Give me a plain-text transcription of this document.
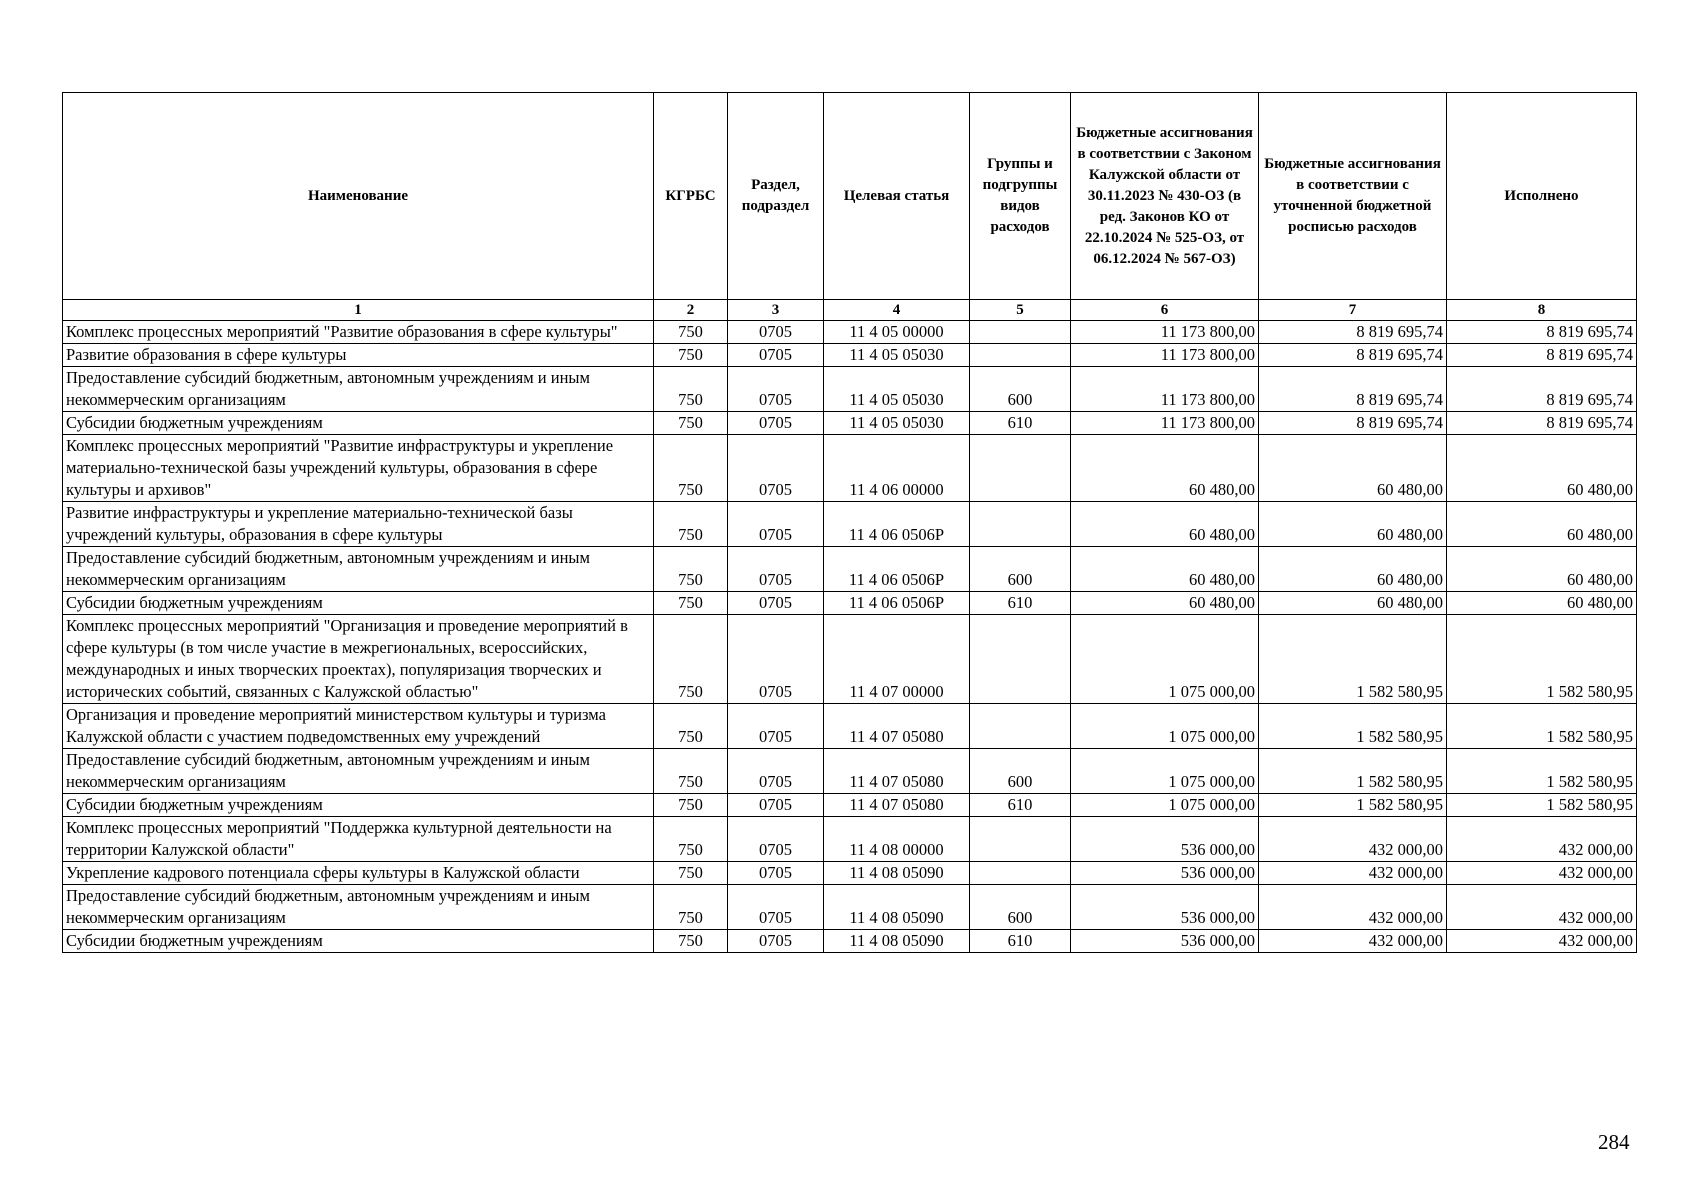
Наименование	КГРБС	Раздел, подраздел	Целевая статья	Группы и подгруппы видов расходов	Бюджетные ассигнования в соответствии с Законом Калужской области от 30.11.2023 № 430-ОЗ (в ред. Законов КО от 22.10.2024 № 525-ОЗ, от 06.12.2024 № 567-ОЗ)	Бюджетные ассигнования в соответствии с уточненной бюджетной росписью расходов	Исполнено
1	2	3	4	5	6	7	8
Комплекс процессных мероприятий "Развитие образования в сфере культуры"	750	0705	11 4 05 00000		11 173 800,00	8 819 695,74	8 819 695,74
Развитие образования в сфере культуры	750	0705	11 4 05 05030		11 173 800,00	8 819 695,74	8 819 695,74
Предоставление субсидий бюджетным, автономным учреждениям и иным некоммерческим организациям	750	0705	11 4 05 05030	600	11 173 800,00	8 819 695,74	8 819 695,74
Субсидии бюджетным учреждениям	750	0705	11 4 05 05030	610	11 173 800,00	8 819 695,74	8 819 695,74
Комплекс процессных мероприятий "Развитие инфраструктуры и укрепление материально-технической базы учреждений культуры, образования в сфере культуры и архивов"	750	0705	11 4 06 00000		60 480,00	60 480,00	60 480,00
Развитие инфраструктуры и укрепление материально-технической базы учреждений культуры, образования в сфере культуры	750	0705	11 4 06 0506Р		60 480,00	60 480,00	60 480,00
Предоставление субсидий бюджетным, автономным учреждениям и иным некоммерческим организациям	750	0705	11 4 06 0506Р	600	60 480,00	60 480,00	60 480,00
Субсидии бюджетным учреждениям	750	0705	11 4 06 0506Р	610	60 480,00	60 480,00	60 480,00
Комплекс процессных мероприятий "Организация и проведение мероприятий в сфере культуры (в том числе участие в межрегиональных, всероссийских, международных и иных творческих проектах), популяризация творческих и исторических событий, связанных с Калужской областью"	750	0705	11 4 07 00000		1 075 000,00	1 582 580,95	1 582 580,95
Организация и проведение мероприятий министерством культуры и туризма Калужской области с участием подведомственных ему учреждений	750	0705	11 4 07 05080		1 075 000,00	1 582 580,95	1 582 580,95
Предоставление субсидий бюджетным, автономным учреждениям и иным некоммерческим организациям	750	0705	11 4 07 05080	600	1 075 000,00	1 582 580,95	1 582 580,95
Субсидии бюджетным учреждениям	750	0705	11 4 07 05080	610	1 075 000,00	1 582 580,95	1 582 580,95
Комплекс процессных мероприятий "Поддержка культурной деятельности на территории Калужской области"	750	0705	11 4 08 00000		536 000,00	432 000,00	432 000,00
Укрепление кадрового потенциала сферы культуры в Калужской области	750	0705	11 4 08 05090		536 000,00	432 000,00	432 000,00
Предоставление субсидий бюджетным, автономным учреждениям и иным некоммерческим организациям	750	0705	11 4 08 05090	600	536 000,00	432 000,00	432 000,00
Субсидии бюджетным учреждениям	750	0705	11 4 08 05090	610	536 000,00	432 000,00	432 000,00
284
